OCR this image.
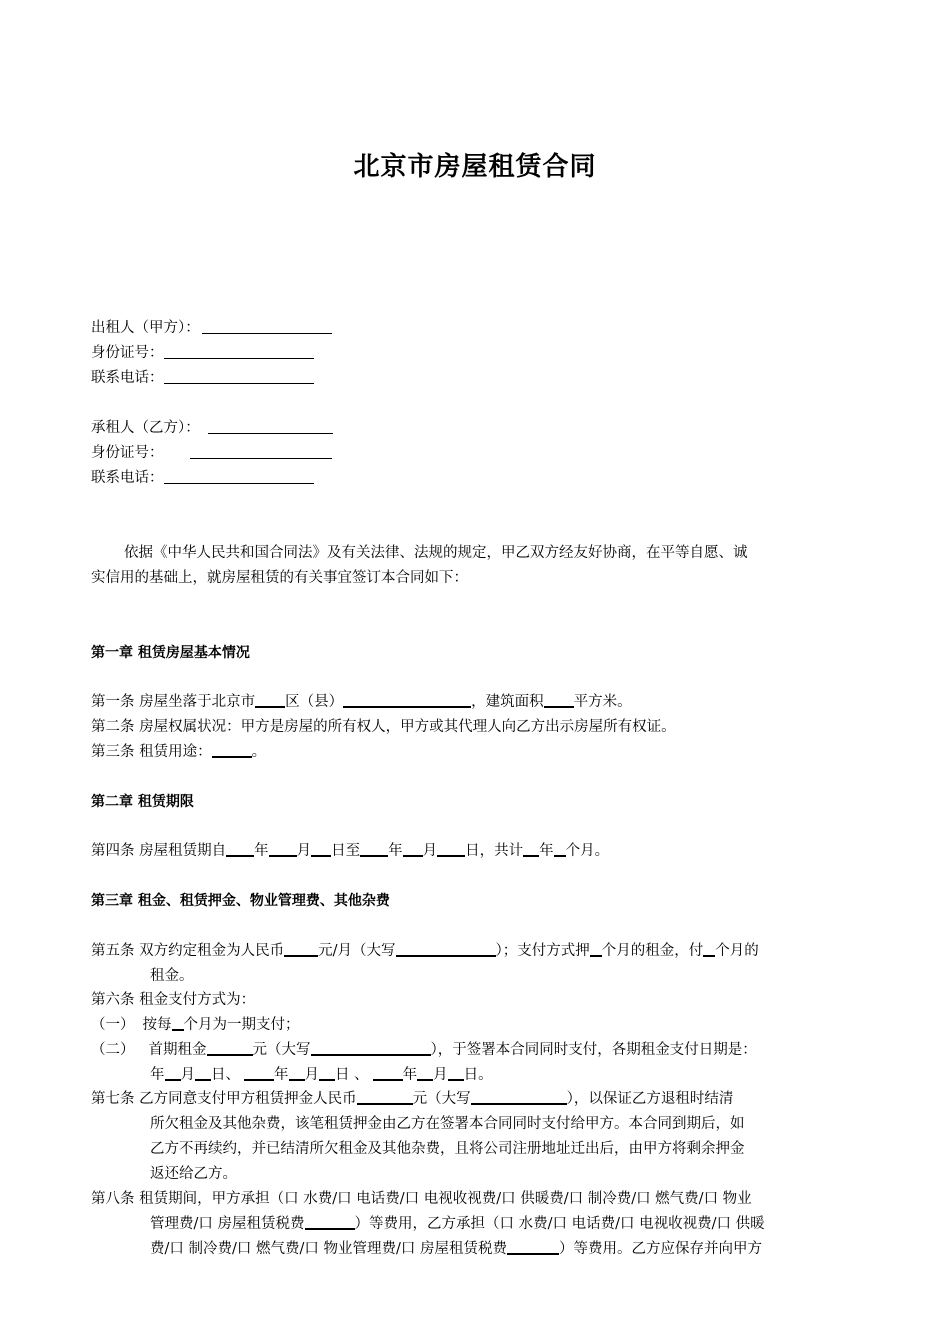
北京市房屋租赁合同
出租人（甲方）：
身份证号：
联系电话：
承租人（乙方）：
身份证号：
联系电话：
依据《中华人民共和国合同法》及有关法律、法规的规定，甲乙双方经友好协商，在平等自愿、诚
实信用的基础上，就房屋租赁的有关事宜签订本合同如下：
第一章 租赁房屋基本情况
第一条 房屋坐落于北京市 区（县）	，建筑面积 平方米。
第二条 房屋权属状况：甲方是房屋的所有权人，甲方或其代理人向乙方出示房屋所有权证。
第三条 租赁用途：	。
第二章 租赁期限
第四条 房屋租赁期自 年 月 日至 年 月 日，共计 年 个月。
第三章 租金、租赁押金、物业管理费、其他杂费
第五条 双方约定租金为人民币 元/月（大写	）；支付方式押 个月的租金，付 个月的
租金。
第六条 租金支付方式为：
（一） 按每 个月为一期支付；
（二） 首期租金	元（大写	），于签署本合同同时支付，各期租金支付日期是：
年 月 日、 年 月 日 、 年 月 日。
第七条 乙方同意支付甲方租赁押金人民币	元（大写	），以保证乙方退租时结清
所欠租金及其他杂费，该笔租赁押金由乙方在签署本合同同时支付给甲方。本合同到期后，如
乙方不再续约，并已结清所欠租金及其他杂费，且将公司注册地址迁出后，由甲方将剩余押金
返还给乙方。
第八条 租赁期间，甲方承担（口 水费/口 电话费/口 电视收视费/口 供暖费/口 制冷费/口 燃气费/口 物业
管理费/口 房屋租赁税费	）等费用，乙方承担（口 水费/口 电话费/口 电视收视费/口 供暖
费/口 制冷费/口 燃气费/口 物业管理费/口 房屋租赁税费	）等费用。乙方应保存并向甲方
